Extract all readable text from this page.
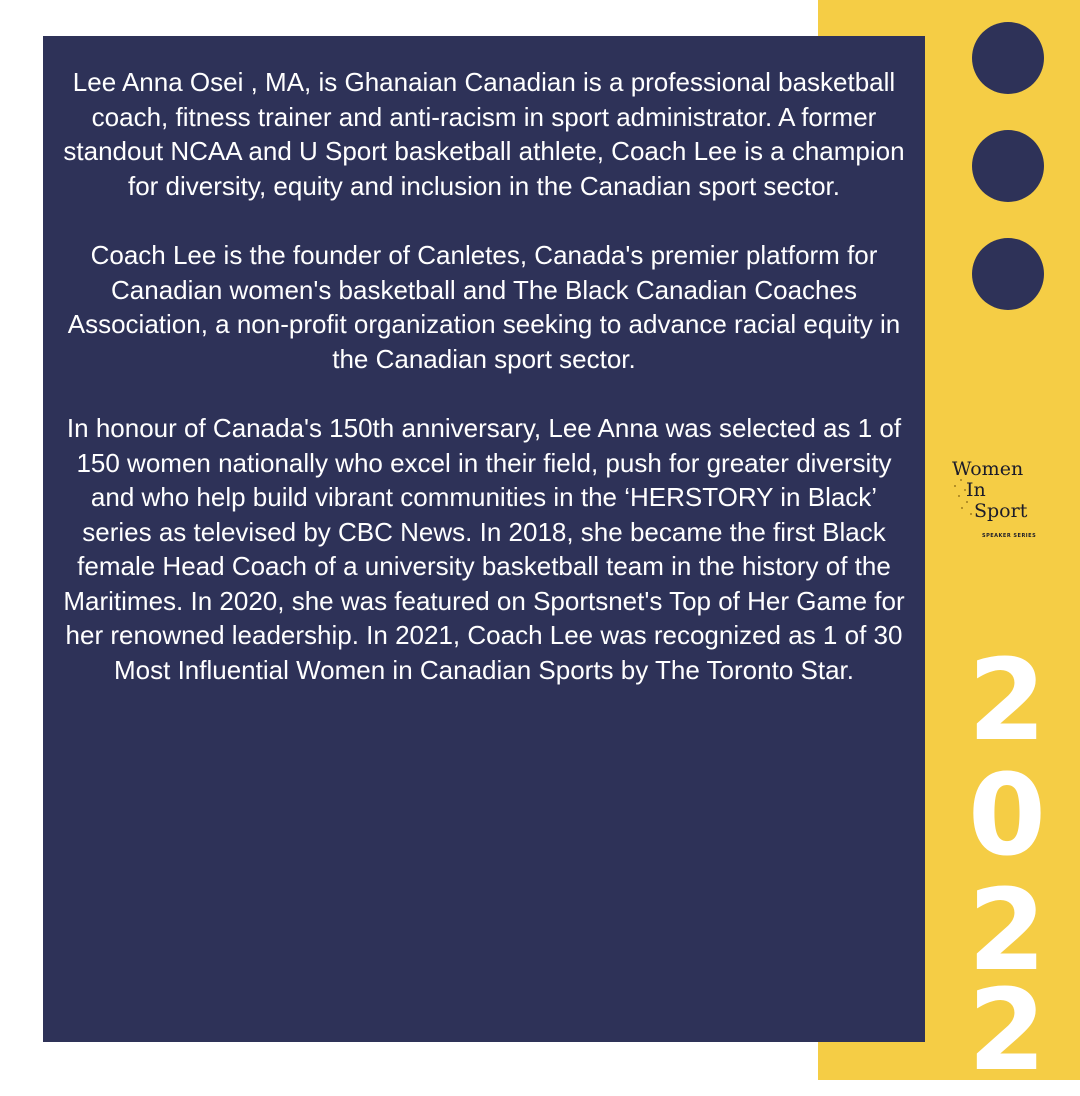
Lee Anna Osei , MA, is Ghanaian Canadian is a professional basketball coach, fitness trainer and anti-racism in sport administrator. A former standout NCAA and U Sport basketball athlete, Coach Lee is a champion for diversity, equity and inclusion in the Canadian sport sector.

Coach Lee is the founder of Canletes, Canada's premier platform for Canadian women's basketball and The Black Canadian Coaches Association, a non-profit organization seeking to advance racial equity in the Canadian sport sector.

In honour of Canada's 150th anniversary, Lee Anna was selected as 1 of 150 women nationally who excel in their field, push for greater diversity and who help build vibrant communities in the ‘HERSTORY in Black’ series as televised by CBC News. In 2018, she became the first Black female Head Coach of a university basketball team in the history of the Maritimes. In 2020, she was featured on Sportsnet's Top of Her Game for her renowned leadership. In 2021, Coach Lee was recognized as 1 of 30 Most Influential Women in Canadian Sports by The Toronto Star.

Women
In
Sport
SPEAKER SERIES
2
0
2
2
